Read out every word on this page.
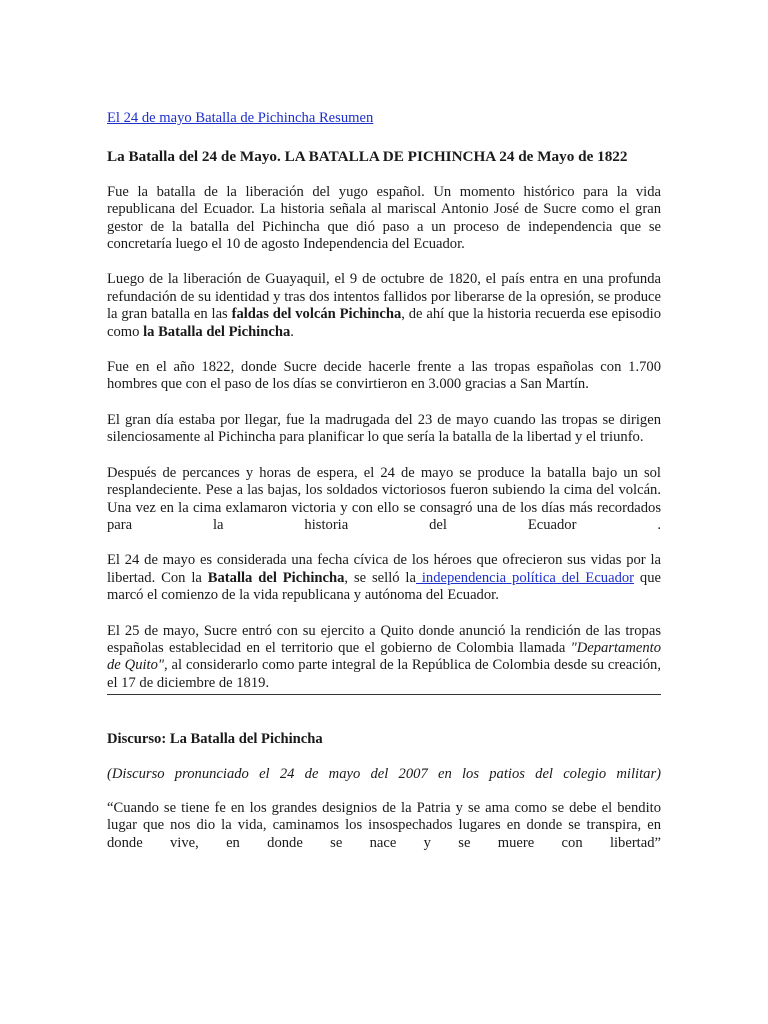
El 24 de mayo Batalla de Pichincha Resumen

La Batalla del 24 de Mayo. LA BATALLA DE PICHINCHA 24 de Mayo de 1822

Fue la batalla de la liberación del yugo español. Un momento histórico para la vida republicana del Ecuador. La historia señala al mariscal Antonio José de Sucre como el gran gestor de la batalla del Pichincha que dió paso a un proceso de independencia que se concretaría luego el 10 de agosto Independencia del Ecuador.

Luego de la liberación de Guayaquil, el 9 de octubre de 1820, el país entra en una profunda refundación de su identidad y tras dos intentos fallidos por liberarse de la opresión, se produce la gran batalla en las faldas del volcán Pichincha, de ahí que la historia recuerda ese episodio como la Batalla del Pichincha.

Fue en el año 1822, donde Sucre decide hacerle frente a las tropas españolas con 1.700 hombres que con el paso de los días se convirtieron en 3.000 gracias a San Martín.

El gran día estaba por llegar, fue la madrugada del 23 de mayo cuando las tropas se dirigen silenciosamente al Pichincha para planificar lo que sería la batalla de la libertad y el triunfo.

Después de percances y horas de espera, el 24 de mayo se produce la batalla bajo un sol resplandeciente. Pese a las bajas, los soldados victoriosos fueron subiendo la cima del volcán. Una vez en la cima exlamaron victoria y con ello se consagró una de los días más recordados para la historia del Ecuador .

El 24 de mayo es considerada una fecha cívica de los héroes que ofrecieron sus vidas por la libertad. Con la Batalla del Pichincha, se selló la independencia política del Ecuador que marcó el comienzo de la vida republicana y autónoma del Ecuador.

El 25 de mayo, Sucre entró con su ejercito a Quito donde anunció la rendición de las tropas españolas establecidad en el territorio que el gobierno de Colombia llamada "Departamento de Quito", al considerarlo como parte integral de la República de Colombia desde su creación, el 17 de diciembre de 1819.

Discurso: La Batalla del Pichincha

(Discurso pronunciado el 24 de mayo del 2007 en los patios del colegio militar)

“Cuando se tiene fe en los grandes designios de la Patria y se ama como se debe el bendito lugar que nos dio la vida, caminamos los insospechados lugares en donde se transpira, en donde vive, en donde se nace y se muere con libertad”
